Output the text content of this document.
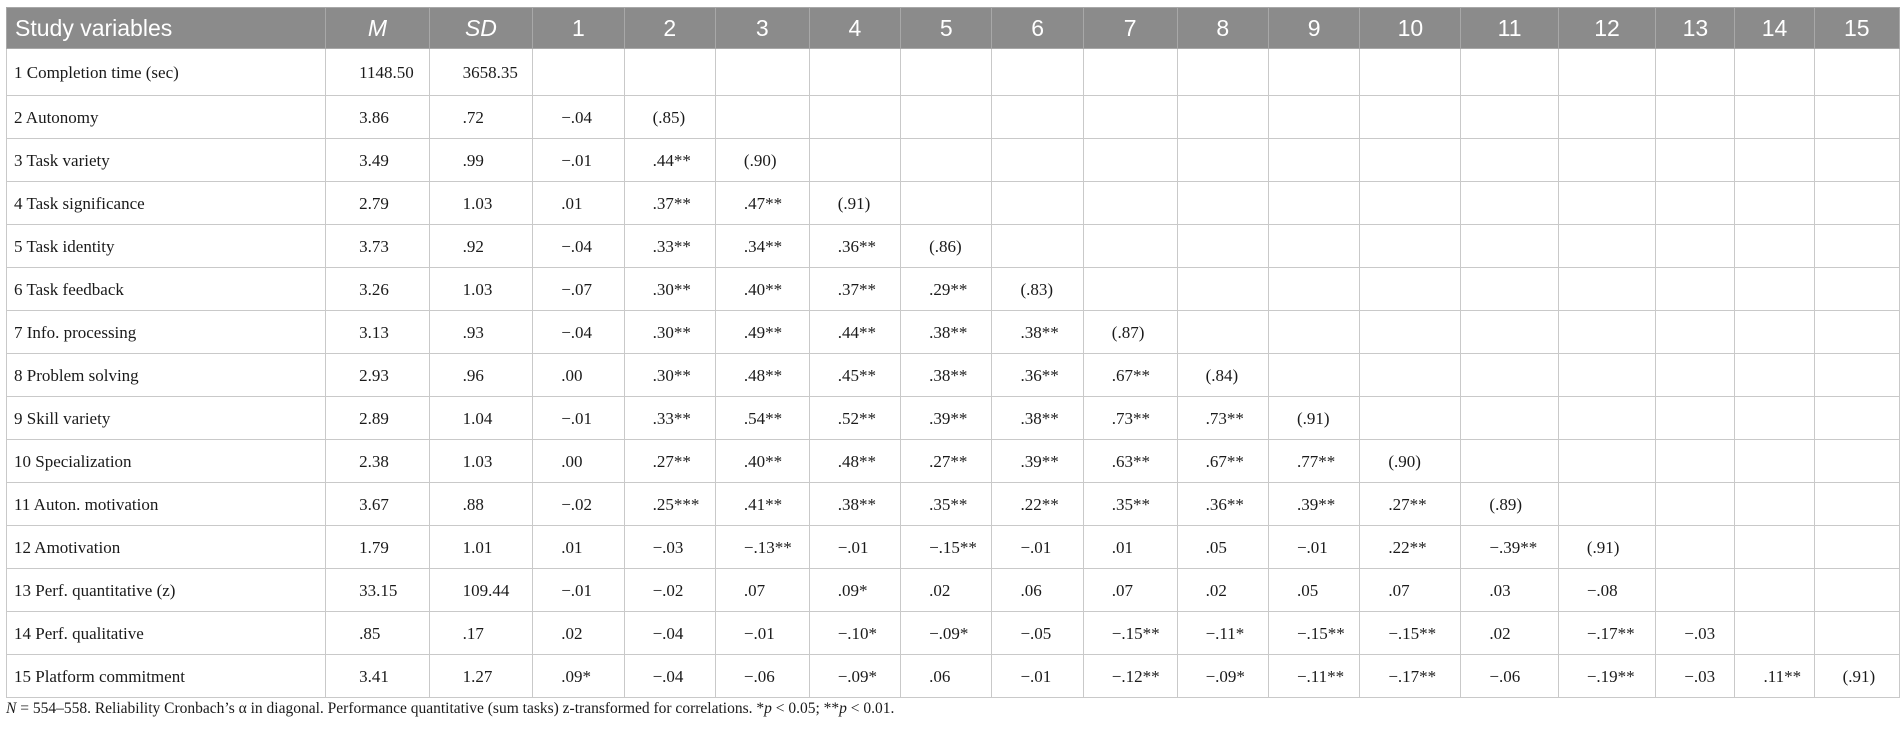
Study variables	M	SD	1	2	3	4	5	6	7	8	9	10	11	12	13	14	15
1 Completion time (sec)	1148.50	3658.35															
2 Autonomy	3.86	.72	−.04	(.85)													
3 Task variety	3.49	.99	−.01	.44**	(.90)												
4 Task significance	2.79	1.03	.01	.37**	.47**	(.91)											
5 Task identity	3.73	.92	−.04	.33**	.34**	.36**	(.86)										
6 Task feedback	3.26	1.03	−.07	.30**	.40**	.37**	.29**	(.83)									
7 Info. processing	3.13	.93	−.04	.30**	.49**	.44**	.38**	.38**	(.87)								
8 Problem solving	2.93	.96	.00	.30**	.48**	.45**	.38**	.36**	.67**	(.84)							
9 Skill variety	2.89	1.04	−.01	.33**	.54**	.52**	.39**	.38**	.73**	.73**	(.91)						
10 Specialization	2.38	1.03	.00	.27**	.40**	.48**	.27**	.39**	.63**	.67**	.77**	(.90)					
11 Auton. motivation	3.67	.88	−.02	.25***	.41**	.38**	.35**	.22**	.35**	.36**	.39**	.27**	(.89)				
12 Amotivation	1.79	1.01	.01	−.03	−.13**	−.01	−.15**	−.01	.01	.05	−.01	.22**	−.39**	(.91)			
13 Perf. quantitative (z)	33.15	109.44	−.01	−.02	.07	.09*	.02	.06	.07	.02	.05	.07	.03	−.08			
14 Perf. qualitative	.85	.17	.02	−.04	−.01	−.10*	−.09*	−.05	−.15**	−.11*	−.15**	−.15**	.02	−.17**	−.03		
15 Platform commitment	3.41	1.27	.09*	−.04	−.06	−.09*	.06	−.01	−.12**	−.09*	−.11**	−.17**	−.06	−.19**	−.03	.11**	(.91)
N = 554–558. Reliability Cronbach’s α in diagonal. Performance quantitative (sum tasks) z-transformed for correlations. *p < 0.05; **p < 0.01.
